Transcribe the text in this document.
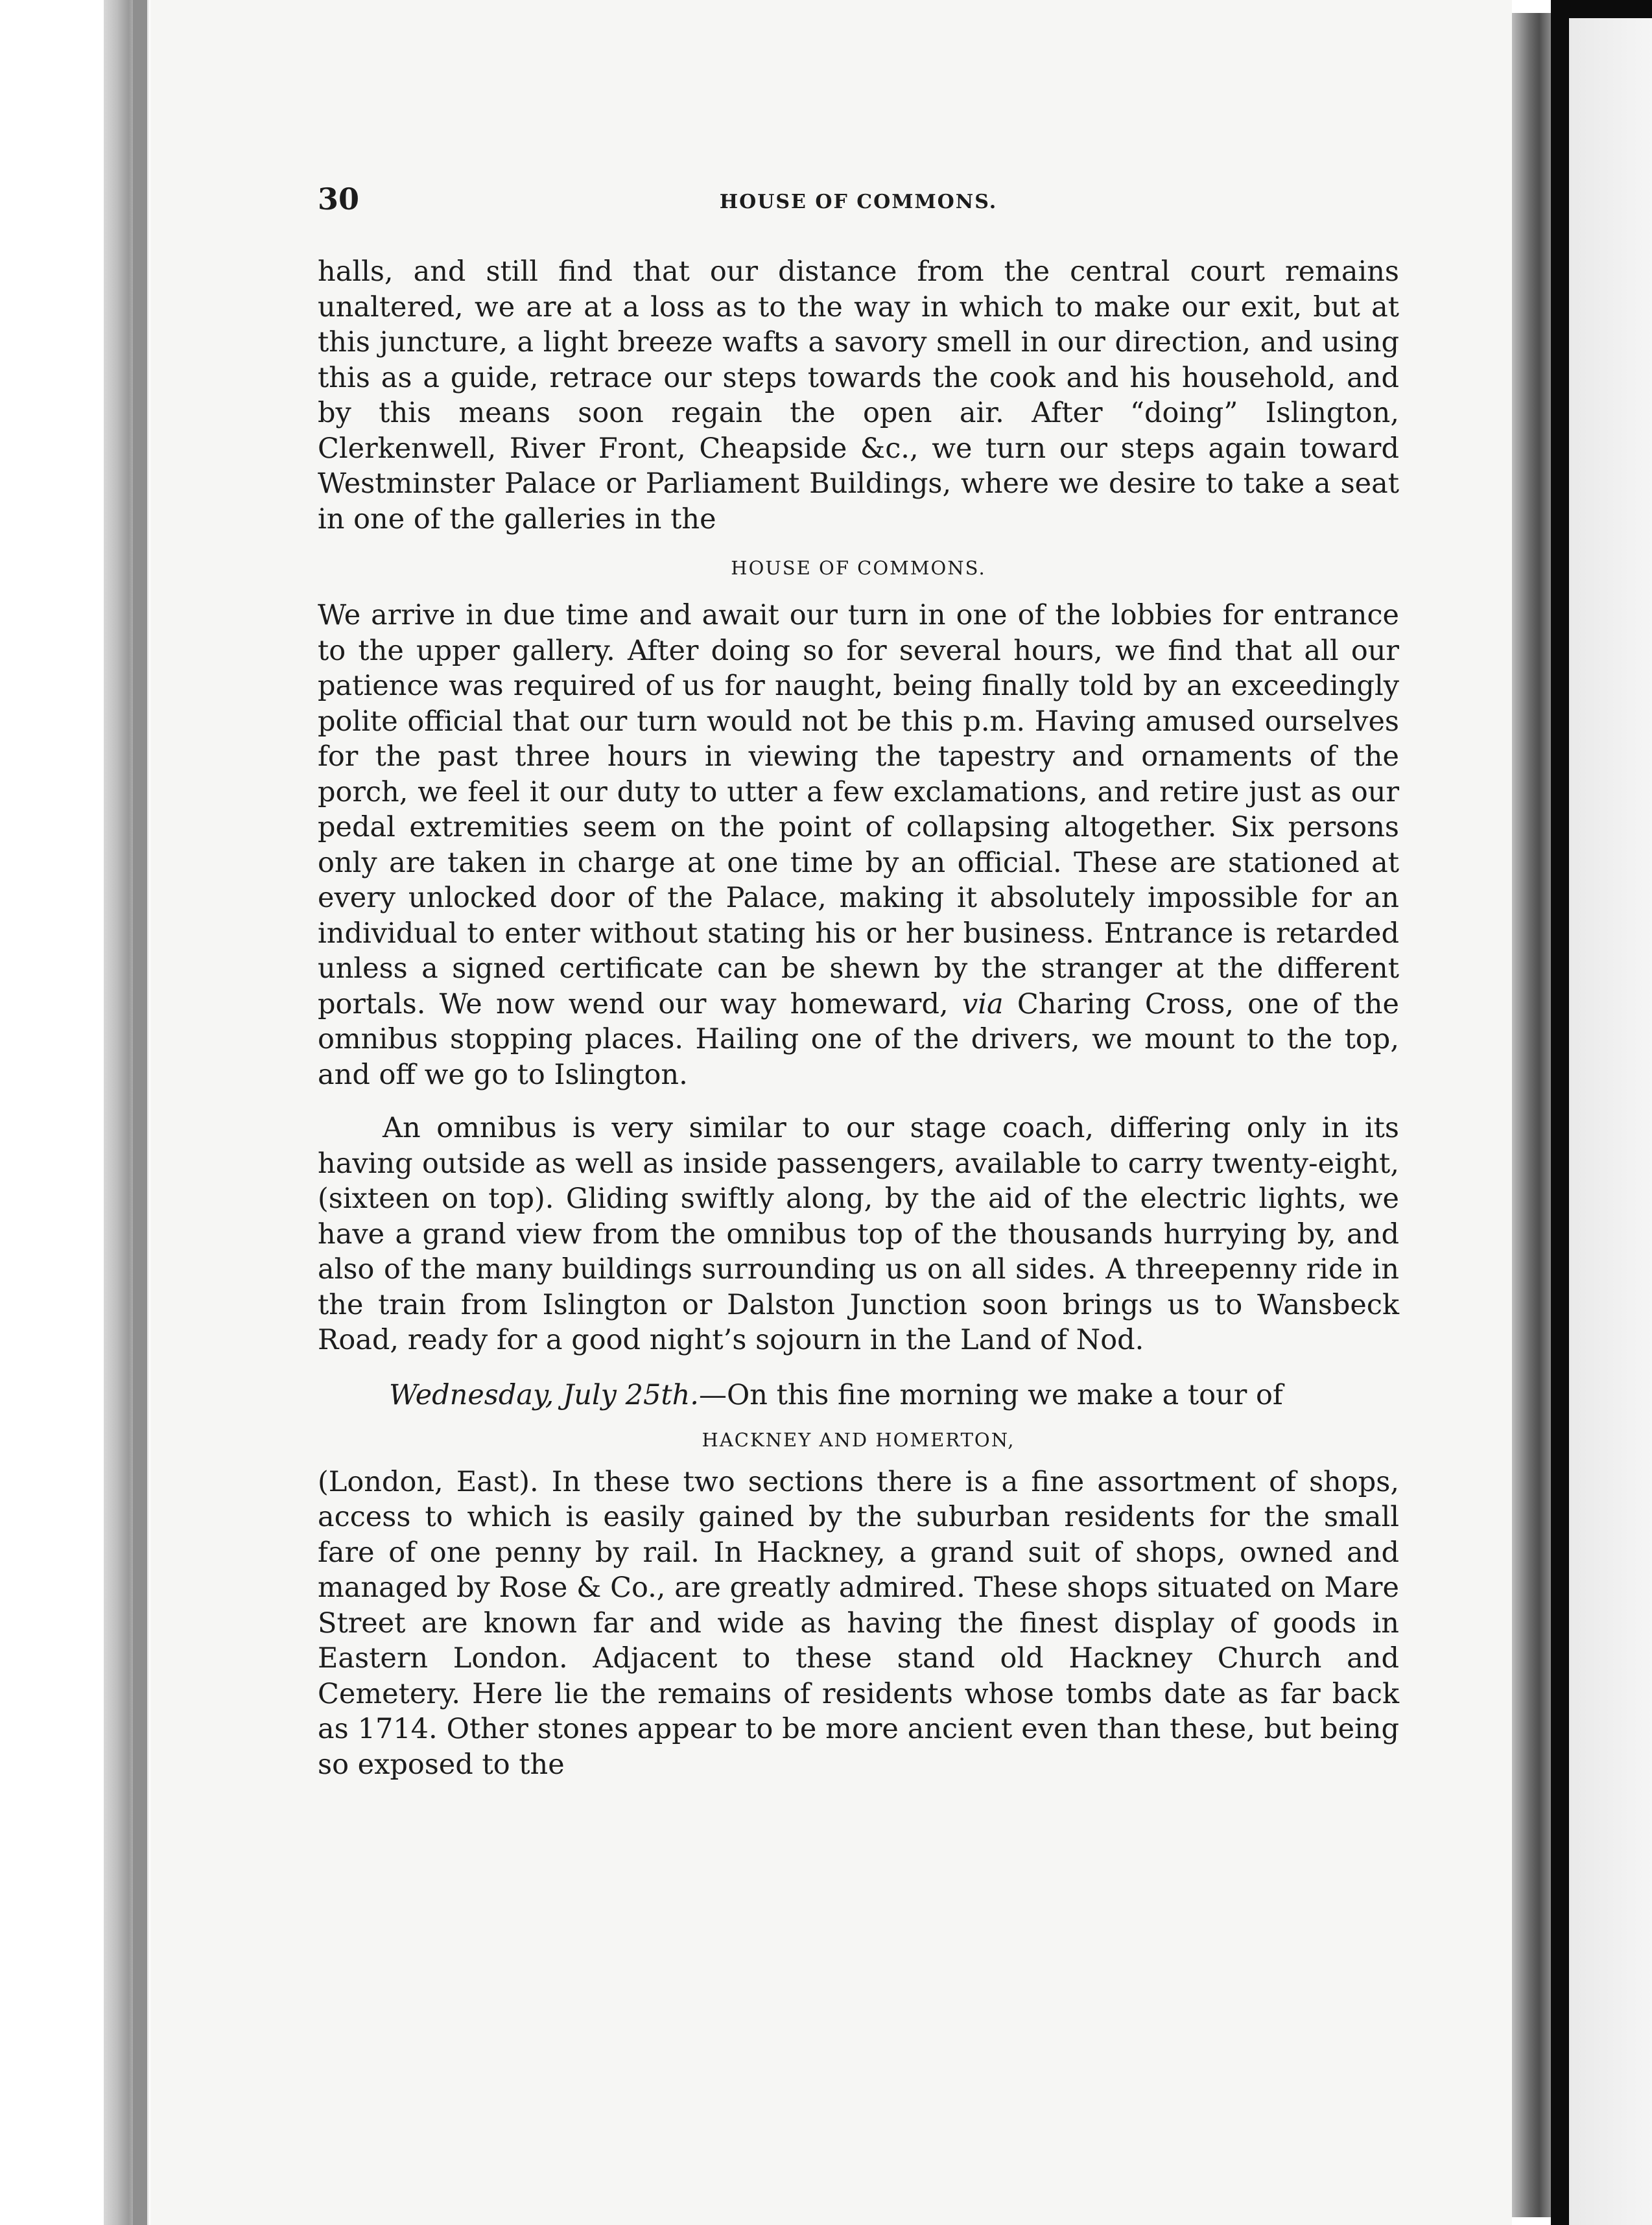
30	HOUSE OF COMMONS.

halls, and still find that our distance from the central court remains unaltered, we are at a loss as to the way in which to make our exit, but at this juncture, a light breeze wafts a savory smell in our direction, and using this as a guide, retrace our steps towards the cook and his household, and by this means soon regain the open air. After “doing” Islington, Clerkenwell, River Front, Cheapside &c., we turn our steps again toward Westminster Palace or Parliament Buildings, where we desire to take a seat in one of the galleries in the

HOUSE OF COMMONS.

We arrive in due time and await our turn in one of the lobbies for entrance to the upper gallery. After doing so for several hours, we find that all our patience was required of us for naught, being finally told by an exceedingly polite official that our turn would not be this p.m. Having amused ourselves for the past three hours in viewing the tapestry and ornaments of the porch, we feel it our duty to utter a few exclamations, and retire just as our pedal extremities seem on the point of collapsing altogether. Six persons only are taken in charge at one time by an official. These are stationed at every unlocked door of the Palace, making it absolutely impossible for an individual to enter without stating his or her business. Entrance is retarded unless a signed certificate can be shewn by the stranger at the different portals. We now wend our way homeward, via Charing Cross, one of the omnibus stopping places. Hailing one of the drivers, we mount to the top, and off we go to Islington.

An omnibus is very similar to our stage coach, differing only in its having outside as well as inside passengers, available to carry twenty-eight, (sixteen on top). Gliding swiftly along, by the aid of the electric lights, we have a grand view from the omnibus top of the thousands hurrying by, and also of the many buildings surrounding us on all sides. A threepenny ride in the train from Islington or Dalston Junction soon brings us to Wansbeck Road, ready for a good night’s sojourn in the Land of Nod.

Wednesday, July 25th.—On this fine morning we make a tour of
HACKNEY AND HOMERTON,

(London, East). In these two sections there is a fine assortment of shops, access to which is easily gained by the suburban residents for the small fare of one penny by rail. In Hackney, a grand suit of shops, owned and managed by Rose & Co., are greatly admired. These shops situated on Mare Street are known far and wide as having the finest display of goods in Eastern London. Adjacent to these stand old Hackney Church and Cemetery. Here lie the remains of residents whose tombs date as far back as 1714. Other stones appear to be more ancient even than these, but being so exposed to the
